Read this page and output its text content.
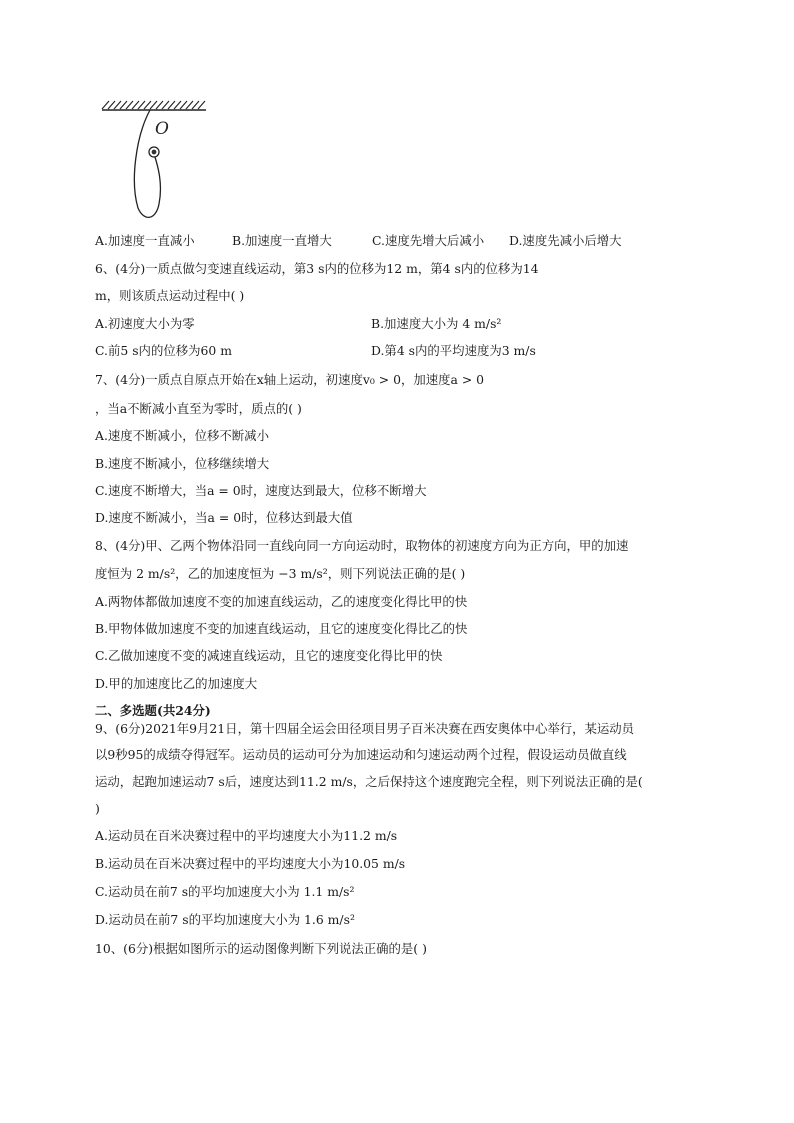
O
A.加速度一直减小	B.加速度一直增大	C.速度先增大后减小 D.速度先减小后增大
6、(4分)一质点做匀变速直线运动，第3 s内的位移为12 m，第4 s内的位移为14
m，则该质点运动过程中( )
A.初速度大小为零	B.加速度大小为 4 m/s²
C.前5 s内的位移为60 m	D.第4 s内的平均速度为3 m/s
7、(4分)一质点自原点开始在x轴上运动，初速度v₀ > 0，加速度a > 0
，当a不断减小直至为零时，质点的( )
A.速度不断减小，位移不断减小
B.速度不断减小，位移继续增大
C.速度不断增大，当a = 0时，速度达到最大，位移不断增大
D.速度不断减小，当a = 0时，位移达到最大值
8、(4分)甲、乙两个物体沿同一直线向同一方向运动时，取物体的初速度方向为正方向，甲的加速
度恒为 2 m/s²，乙的加速度恒为 −3 m/s²，则下列说法正确的是( )
A.两物体都做加速度不变的加速直线运动，乙的速度变化得比甲的快
B.甲物体做加速度不变的加速直线运动，且它的速度变化得比乙的快
C.乙做加速度不变的减速直线运动，且它的速度变化得比甲的快
D.甲的加速度比乙的加速度大
二、多选题(共24分)
9、(6分)2021年9月21日，第十四届全运会田径项目男子百米决赛在西安奥体中心举行，某运动员
以9秒95的成绩夺得冠军。运动员的运动可分为加速运动和匀速运动两个过程，假设运动员做直线
运动，起跑加速运动7 s后，速度达到11.2 m/s，之后保持这个速度跑完全程，则下列说法正确的是(
)
A.运动员在百米决赛过程中的平均速度大小为11.2 m/s
B.运动员在百米决赛过程中的平均速度大小为10.05 m/s
C.运动员在前7 s的平均加速度大小为 1.1 m/s²
D.运动员在前7 s的平均加速度大小为 1.6 m/s²
10、(6分)根据如图所示的运动图像判断下列说法正确的是( )
